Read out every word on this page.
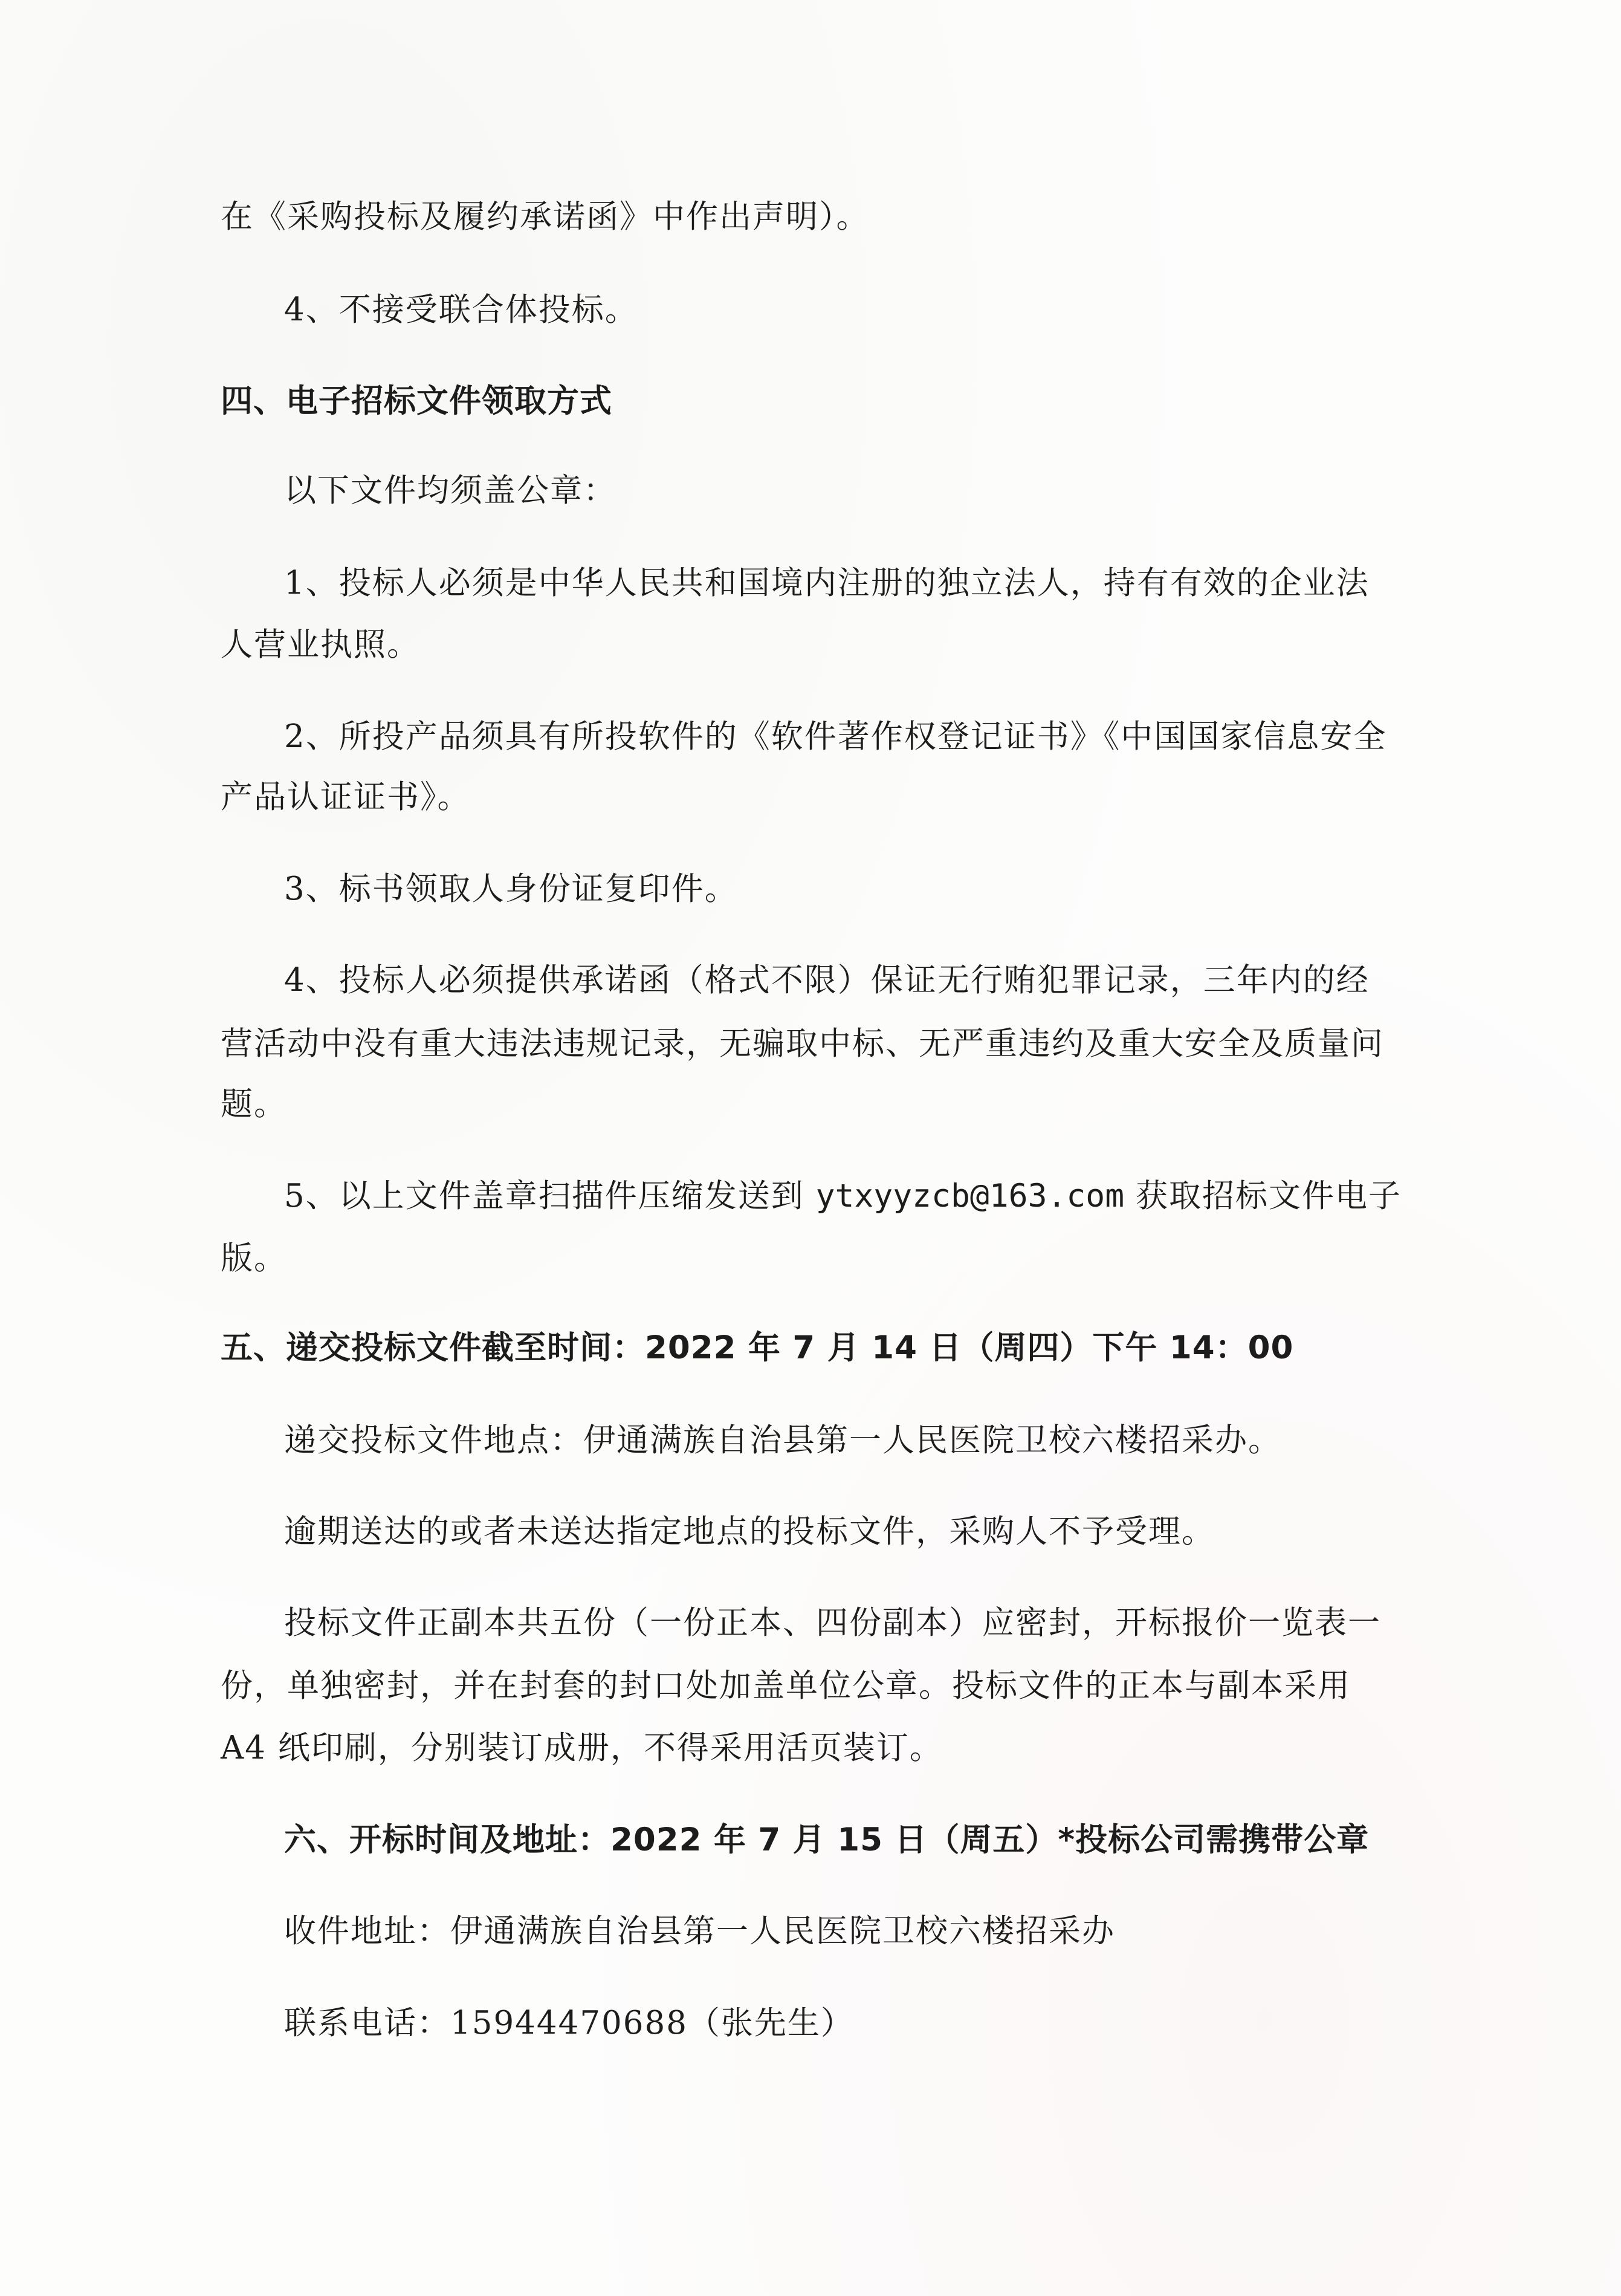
在《采购投标及履约承诺函》中作出声明）。
4、不接受联合体投标。
四、电子招标文件领取方式
以下文件均须盖公章：
1、投标人必须是中华人民共和国境内注册的独立法人，持有有效的企业法
人营业执照。
2、所投产品须具有所投软件的《软件著作权登记证书》《中国国家信息安全
产品认证证书》。
3、标书领取人身份证复印件。
4、投标人必须提供承诺函（格式不限）保证无行贿犯罪记录，三年内的经
营活动中没有重大违法违规记录，无骗取中标、无严重违约及重大安全及质量问
题。
5、以上文件盖章扫描件压缩发送到 ytxyyzcb@163.com 获取招标文件电子
版。
五、递交投标文件截至时间：2022 年 7 月 14 日（周四）下午 14：00
递交投标文件地点：伊通满族自治县第一人民医院卫校六楼招采办。
逾期送达的或者未送达指定地点的投标文件，采购人不予受理。
投标文件正副本共五份（一份正本、四份副本）应密封，开标报价一览表一
份，单独密封，并在封套的封口处加盖单位公章。投标文件的正本与副本采用
A4 纸印刷，分别装订成册，不得采用活页装订。
六、开标时间及地址：2022 年 7 月 15 日（周五）*投标公司需携带公章
收件地址：伊通满族自治县第一人民医院卫校六楼招采办
联系电话：15944470688（张先生）
